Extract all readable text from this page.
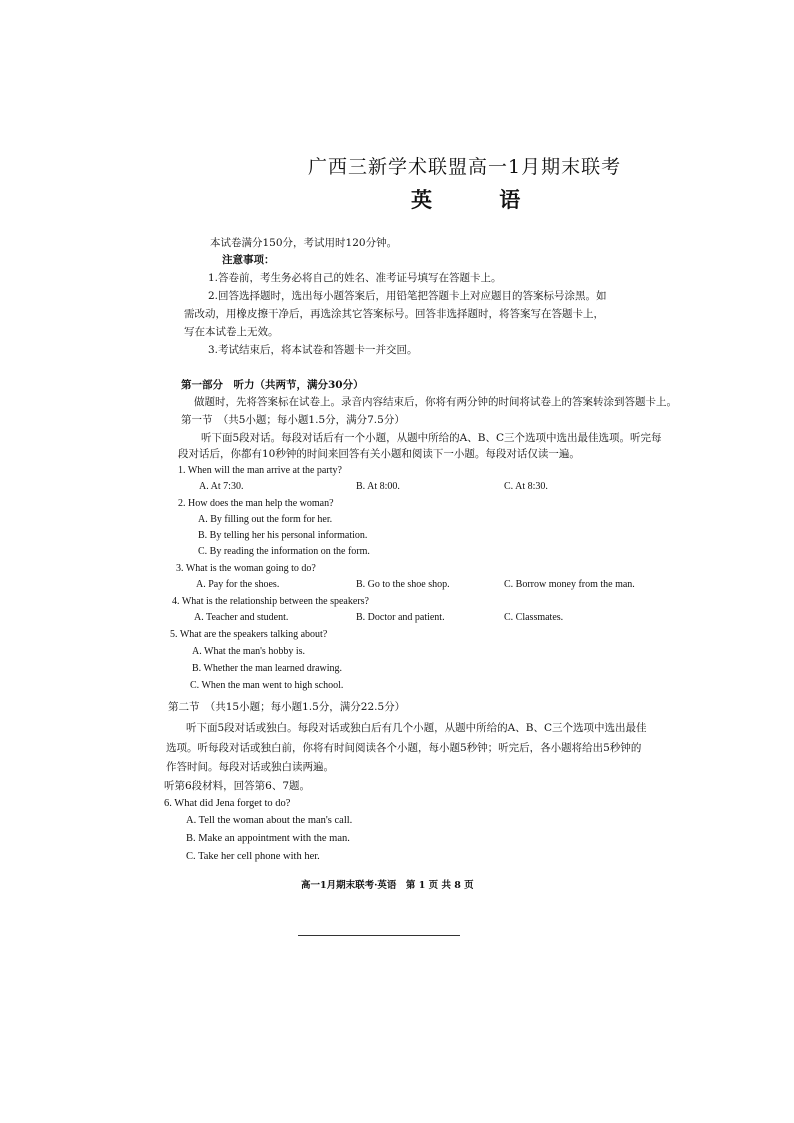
广西三新学术联盟高一1月期末联考
英 语
本试卷满分150分，考试用时120分钟。
注意事项：
1.答卷前，考生务必将自己的姓名、准考证号填写在答题卡上。
2.回答选择题时，选出每小题答案后，用铅笔把答题卡上对应题目的答案标号涂黑。如
需改动，用橡皮擦干净后，再选涂其它答案标号。回答非选择题时，将答案写在答题卡上，
写在本试卷上无效。
3.考试结束后，将本试卷和答题卡一并交回。
第一部分　听力（共两节，满分30分）
做题时，先将答案标在试卷上。录音内容结束后，你将有两分钟的时间将试卷上的答案转涂到答题卡上。
第一节　（共5小题；每小题1.5分，满分7.5分）
听下面5段对话。每段对话后有一个小题，从题中所给的A、B、C三个选项中选出最佳选项。听完每
段对话后，你都有10秒钟的时间来回答有关小题和阅读下一小题。每段对话仅读一遍。
1. When will the man arrive at the party?
A. At 7:30.	B. At 8:00.	C. At 8:30.
2. How does the man help the woman?
A. By filling out the form for her.
B. By telling her his personal information.
C. By reading the information on the form.
3. What is the woman going to do?
A. Pay for the shoes.	B. Go to the shoe shop.	C. Borrow money from the man.
4. What is the relationship between the speakers?
A. Teacher and student.	B. Doctor and patient.	C. Classmates.
5. What are the speakers talking about?
A. What the man's hobby is.
B. Whether the man learned drawing.
C. When the man went to high school.
第二节　（共15小题；每小题1.5分，满分22.5分）
听下面5段对话或独白。每段对话或独白后有几个小题，从题中所给的A、B、C三个选项中选出最佳
选项。听每段对话或独白前，你将有时间阅读各个小题，每小题5秒钟；听完后，各小题将给出5秒钟的
作答时间。每段对话或独白读两遍。
听第6段材料，回答第6、7题。
6. What did Jena forget to do?
A. Tell the woman about the man's call.
B. Make an appointment with the man.
C. Take her cell phone with her.
高一1月期末联考·英语　第 1 页 共 8 页
